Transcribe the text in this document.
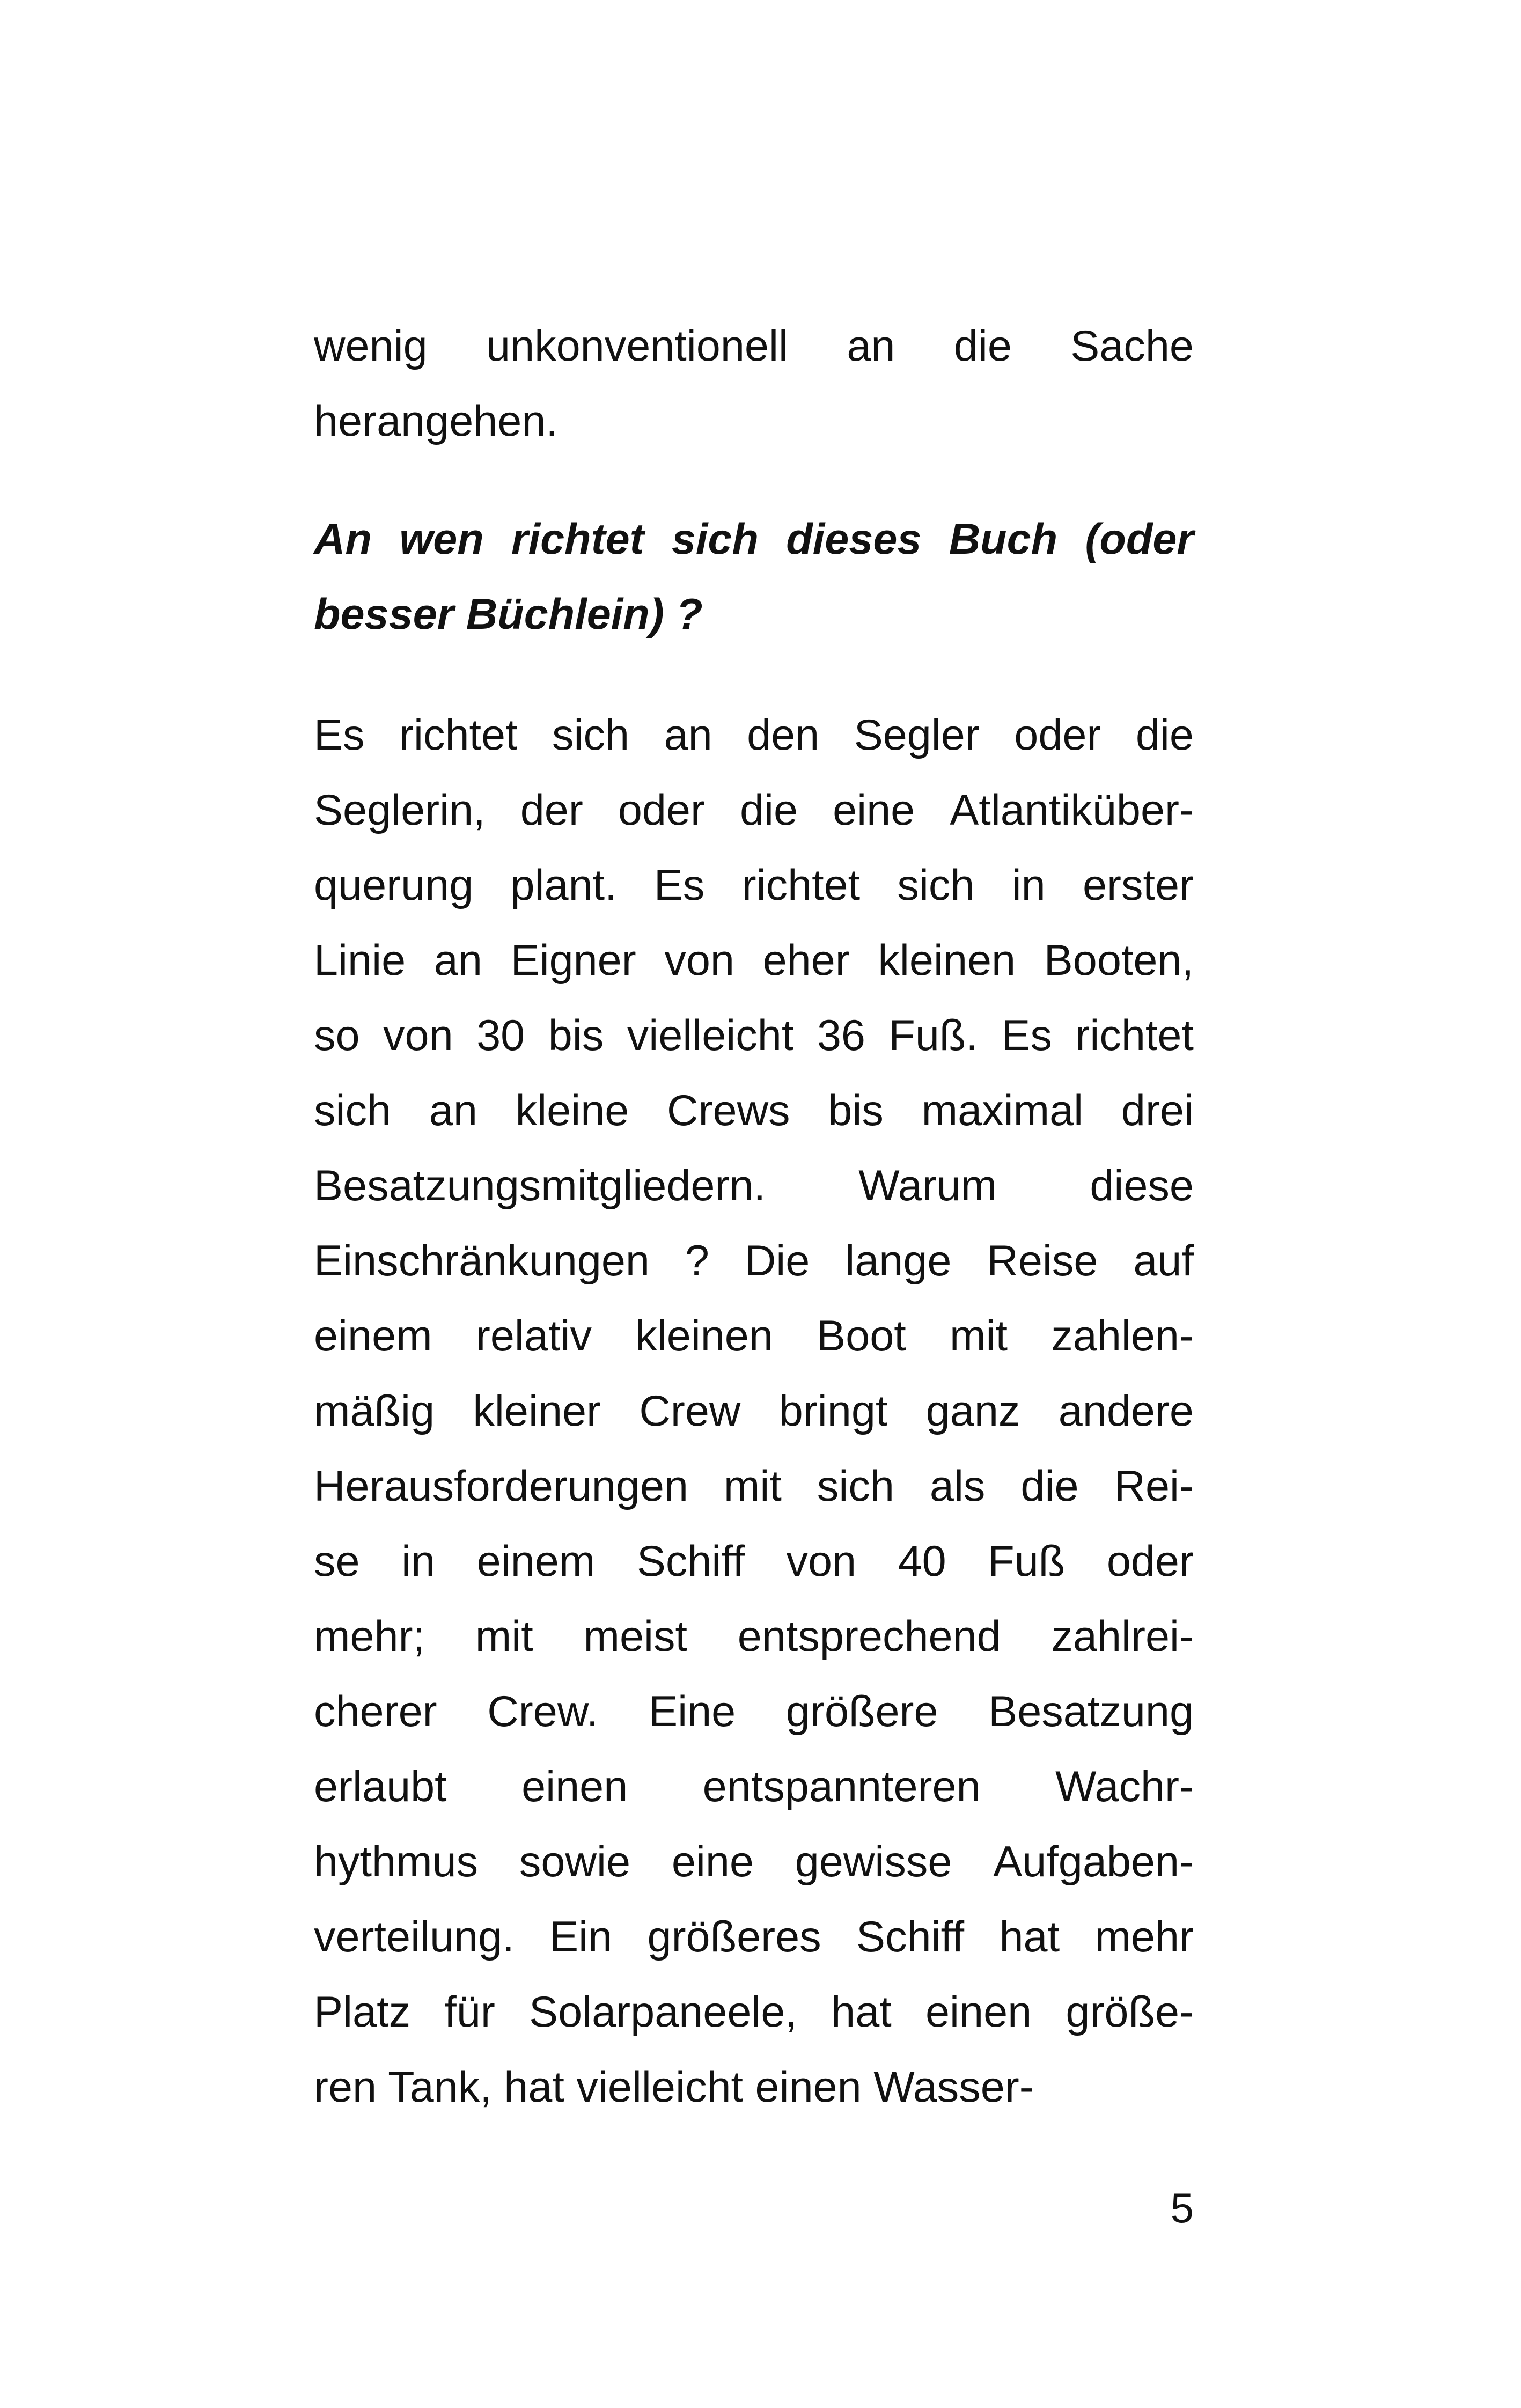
wenig unkonventionell an die Sache
herangehen.
An wen richtet sich dieses Buch (oder
besser Büchlein) ?
Es richtet sich an den Segler oder die
Seglerin, der oder die eine Atlantiküber-
querung plant. Es richtet sich in erster
Linie an Eigner von eher kleinen Booten,
so von 30 bis vielleicht 36 Fuß. Es richtet
sich an kleine Crews bis maximal drei
Besatzungsmitgliedern. Warum diese
Einschränkungen ? Die lange Reise auf
einem relativ kleinen Boot mit zahlen-
mäßig kleiner Crew bringt ganz andere
Herausforderungen mit sich als die Rei-
se in einem Schiff von 40 Fuß oder
mehr; mit meist entsprechend zahlrei-
cherer Crew. Eine größere Besatzung
erlaubt einen entspannteren Wachr-
hythmus sowie eine gewisse Aufgaben-
verteilung. Ein größeres Schiff hat mehr
Platz für Solarpaneele, hat einen größe-
ren Tank, hat vielleicht einen Wasser-
5
